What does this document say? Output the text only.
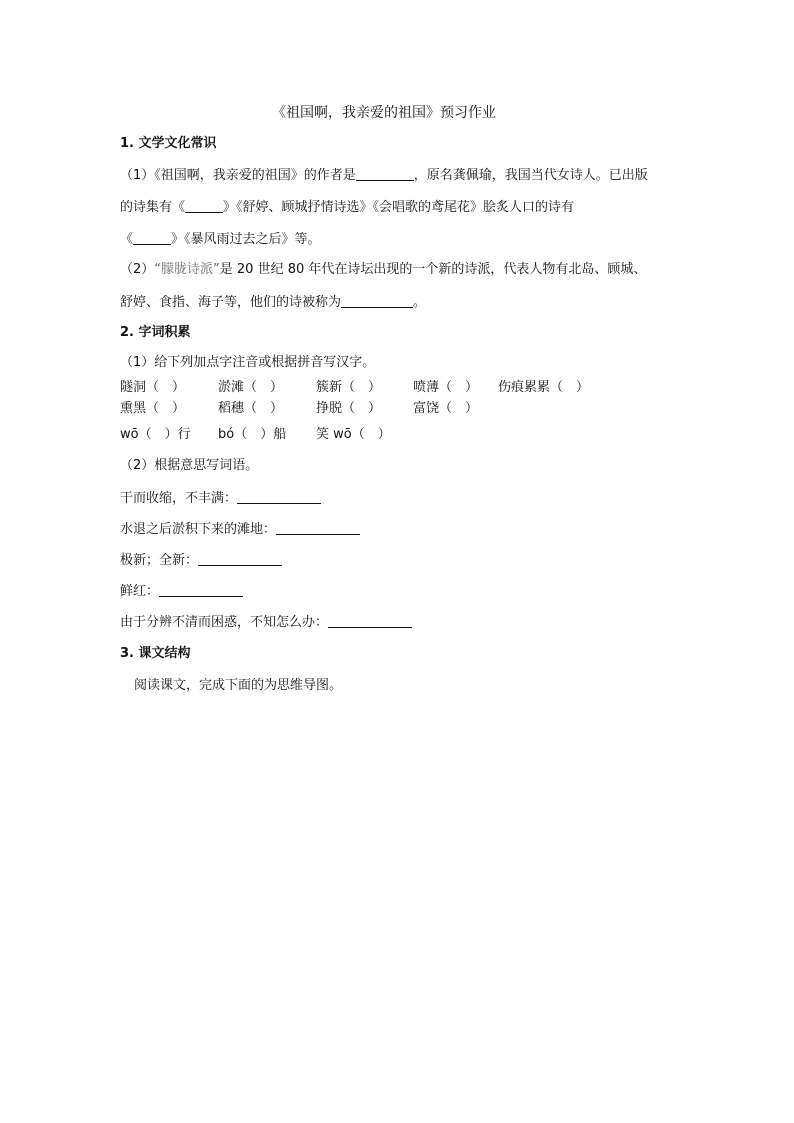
《祖国啊，我亲爱的祖国》预习作业
1. 文学文化常识
（1）《祖国啊，我亲爱的祖国》的作者是	，原名龚佩瑜，我国当代女诗人。已出版
的诗集有《	》《舒婷、顾城抒情诗选》《会唱歌的鸢尾花》脍炙人口的诗有
《	》《暴风雨过去之后》等。
（2）“朦胧诗派”是 20 世纪 80 年代在诗坛出现的一个新的诗派，代表人物有北岛、顾城、
舒婷、食指、海子等，他们的诗被称为	。
2. 字词积累
（1）给下列加点字注音或根据拼音写汉字。
隧洞（　）	淤滩（　）	簇新（　） 喷薄（　） 伤痕累累（　）
熏黑（　）	稻穗（　）	挣脱（　） 富饶（　）
wō（　）行 bó（　）船 笑 wō（　）
（2）根据意思写词语。
干而收缩，不丰满：
水退之后淤积下来的滩地：
极新；全新：
鲜红：
由于分辨不清而困惑，不知怎么办：
3. 课文结构
阅读课文，完成下面的为思维导图。
